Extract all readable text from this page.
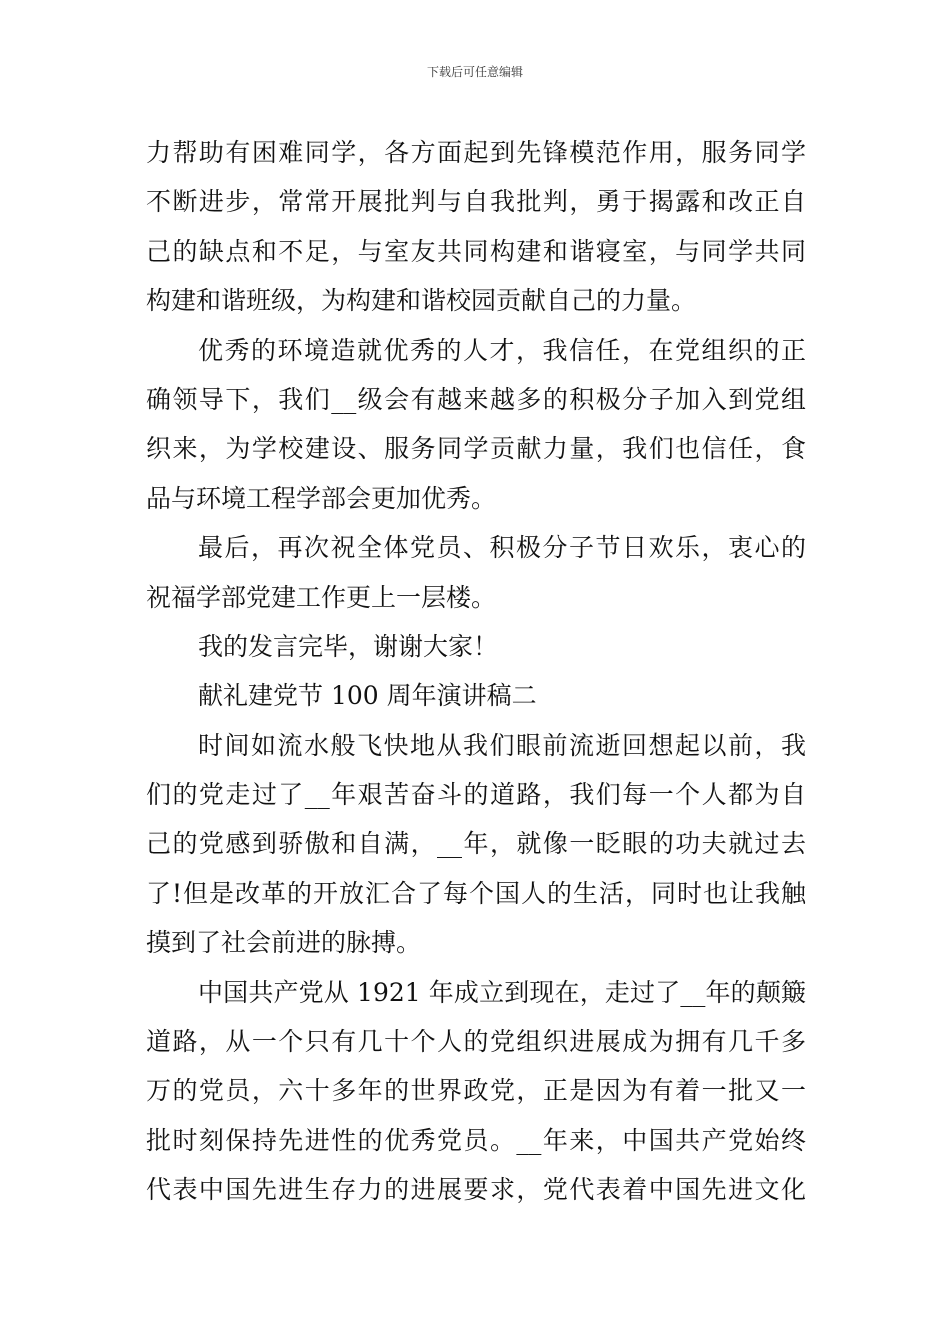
下载后可任意编辑
力帮助有困难同学，各方面起到先锋模范作用，服务同学
不断进步，常常开展批判与自我批判，勇于揭露和改正自
己的缺点和不足，与室友共同构建和谐寝室，与同学共同
构建和谐班级，为构建和谐校园贡献自己的力量。
优秀的环境造就优秀的人才，我信任，在党组织的正
确领导下，我们__级会有越来越多的积极分子加入到党组
织来，为学校建设、服务同学贡献力量，我们也信任，食
品与环境工程学部会更加优秀。
最后，再次祝全体党员、积极分子节日欢乐，衷心的
祝福学部党建工作更上一层楼。
我的发言完毕，谢谢大家！
献礼建党节 100 周年演讲稿二
时间如流水般飞快地从我们眼前流逝回想起以前，我
们的党走过了__年艰苦奋斗的道路，我们每一个人都为自
己的党感到骄傲和自满，__年，就像一眨眼的功夫就过去
了!但是改革的开放汇合了每个国人的生活，同时也让我触
摸到了社会前进的脉搏。
中国共产党从 1921 年成立到现在，走过了__年的颠簸
道路，从一个只有几十个人的党组织进展成为拥有几千多
万的党员，六十多年的世界政党，正是因为有着一批又一
批时刻保持先进性的优秀党员。__年来，中国共产党始终
代表中国先进生存力的进展要求，党代表着中国先进文化
